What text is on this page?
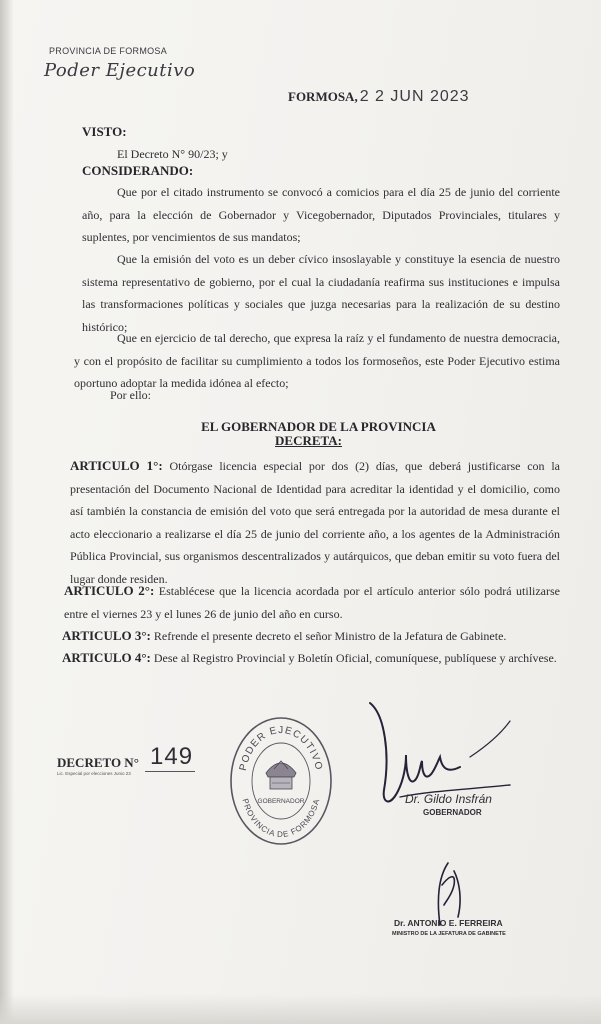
PROVINCIA DE FORMOSA
Poder Ejecutivo
FORMOSA, 2 2 JUN 2023
VISTO:
El Decreto N° 90/23; y
CONSIDERANDO:
Que por el citado instrumento se convocó a comicios para el día 25 de junio del corriente año, para la elección de Gobernador y Vicegobernador, Diputados Provinciales, titulares y suplentes, por vencimientos de sus mandatos;
Que la emisión del voto es un deber cívico insoslayable y constituye la esencia de nuestro sistema representativo de gobierno, por el cual la ciudadanía reafirma sus instituciones e impulsa las transformaciones políticas y sociales que juzga necesarias para la realización de su destino histórico;
Que en ejercicio de tal derecho, que expresa la raíz y el fundamento de nuestra democracia, y con el propósito de facilitar su cumplimiento a todos los formoseños, este Poder Ejecutivo estima oportuno adoptar la medida idónea al efecto;
Por ello:
EL GOBERNADOR DE LA PROVINCIA
DECRETA:
ARTICULO 1°: Otórgase licencia especial por dos (2) días, que deberá justificarse con la presentación del Documento Nacional de Identidad para acreditar la identidad y el domicilio, como así también la constancia de emisión del voto que será entregada por la autoridad de mesa durante el acto eleccionario a realizarse el día 25 de junio del corriente año, a los agentes de la Administración Pública Provincial, sus organismos descentralizados y autárquicos, que deban emitir su voto fuera del lugar donde residen.
ARTICULO 2°: Establécese que la licencia acordada por el artículo anterior sólo podrá utilizarse entre el viernes 23 y el lunes 26 de junio del año en curso.
ARTICULO 3°: Refrende el presente decreto el señor Ministro de la Jefatura de Gabinete.
ARTICULO 4°: Dese al Registro Provincial y Boletín Oficial, comuníquese, publíquese y archívese.
DECRETO N° 149
Lic. Especial por elecciones Junio 23
PODER EJECUTIVO
PROVINCIA DE FORMOSA
GOBERNADOR	Dr. Gildo Insfrán
GOBERNADOR
Dr. ANTONIO E. FERREIRA
MINISTRO DE LA JEFATURA DE GABINETE
